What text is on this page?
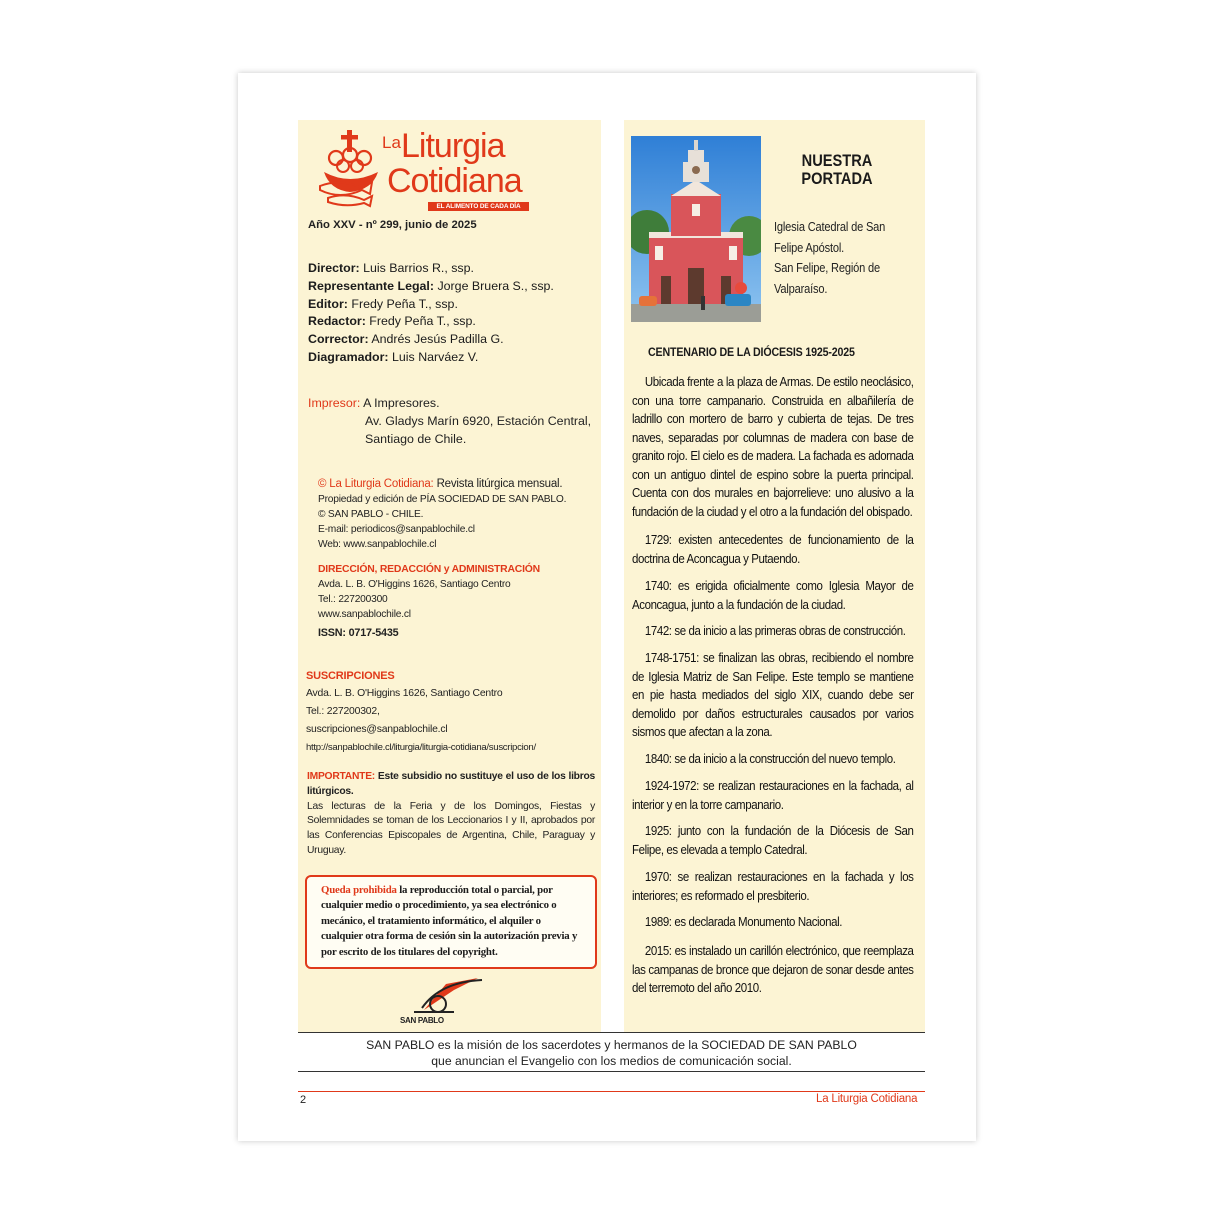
La Liturgia
Cotidiana
EL ALIMENTO DE CADA DÍA
Año XXV - nº 299, junio de 2025
Director: Luis Barrios R., ssp.
Representante Legal: Jorge Bruera S., ssp.
Editor: Fredy Peña T., ssp.
Redactor: Fredy Peña T., ssp.
Corrector: Andrés Jesús Padilla G.
Diagramador: Luis Narváez V.
Impresor: A Impresores.
Av. Gladys Marín 6920, Estación Central,
Santiago de Chile.
© La Liturgia Cotidiana: Revista litúrgica mensual.
Propiedad y edición de PÍA SOCIEDAD DE SAN PABLO.
© SAN PABLO - CHILE.
E-mail: periodicos@sanpablochile.cl
Web: www.sanpablochile.cl
DIRECCIÓN, REDACCIÓN y ADMINISTRACIÓN
Avda. L. B. O'Higgins 1626, Santiago Centro
Tel.: 227200300
www.sanpablochile.cl
ISSN: 0717-5435
SUSCRIPCIONES
Avda. L. B. O'Higgins 1626, Santiago Centro
Tel.: 227200302,
suscripciones@sanpablochile.cl
http://sanpablochile.cl/liturgia/liturgia-cotidiana/suscripcion/
IMPORTANTE: Este subsidio no sustituye el uso de los libros litúrgicos.
Las lecturas de la Feria y de los Domingos, Fiestas y Solemnidades se toman de los Leccionarios I y II, aprobados por las Conferencias Episcopales de Argentina, Chile, Paraguay y Uruguay.
Queda prohibida la reproducción total o parcial, por cualquier medio o procedimiento, ya sea electrónico o mecánico, el tratamiento informático, el alquiler o cualquier otra forma de cesión sin la autorización previa y por escrito de los titulares del copyright.
SAN PABLO
NUESTRA
PORTADA
Iglesia Catedral de San Felipe Apóstol.
San Felipe, Región de Valparaíso.
CENTENARIO DE LA DIÓCESIS 1925-2025
Ubicada frente a la plaza de Armas. De estilo neoclásico, con una torre campanario. Construida en albañilería de ladrillo con mortero de barro y cubierta de tejas. De tres naves, separadas por columnas de madera con base de granito rojo. El cielo es de madera. La fachada es adornada con un antiguo dintel de espino sobre la puerta principal. Cuenta con dos murales en bajorrelieve: uno alusivo a la fundación de la ciudad y el otro a la fundación del obispado.
1729: existen antecedentes de funcionamiento de la doctrina de Aconcagua y Putaendo.
1740: es erigida oficialmente como Iglesia Mayor de Aconcagua, junto a la fundación de la ciudad.
1742: se da inicio a las primeras obras de construcción.
1748-1751: se finalizan las obras, recibiendo el nombre de Iglesia Matriz de San Felipe. Este templo se mantiene en pie hasta mediados del siglo XIX, cuando debe ser demolido por daños estructurales causados por varios sismos que afectan a la zona.
1840: se da inicio a la construcción del nuevo templo.
1924-1972: se realizan restauraciones en la fachada, al interior y en la torre campanario.
1925: junto con la fundación de la Diócesis de San Felipe, es elevada a templo Catedral.
1970: se realizan restauraciones en la fachada y los interiores; es reformado el presbiterio.
1989: es declarada Monumento Nacional.
2015: es instalado un carillón electrónico, que reemplaza las campanas de bronce que dejaron de sonar desde antes del terremoto del año 2010.
SAN PABLO es la misión de los sacerdotes y hermanos de la SOCIEDAD DE SAN PABLO
que anuncian el Evangelio con los medios de comunicación social.
2	La Liturgia Cotidiana
